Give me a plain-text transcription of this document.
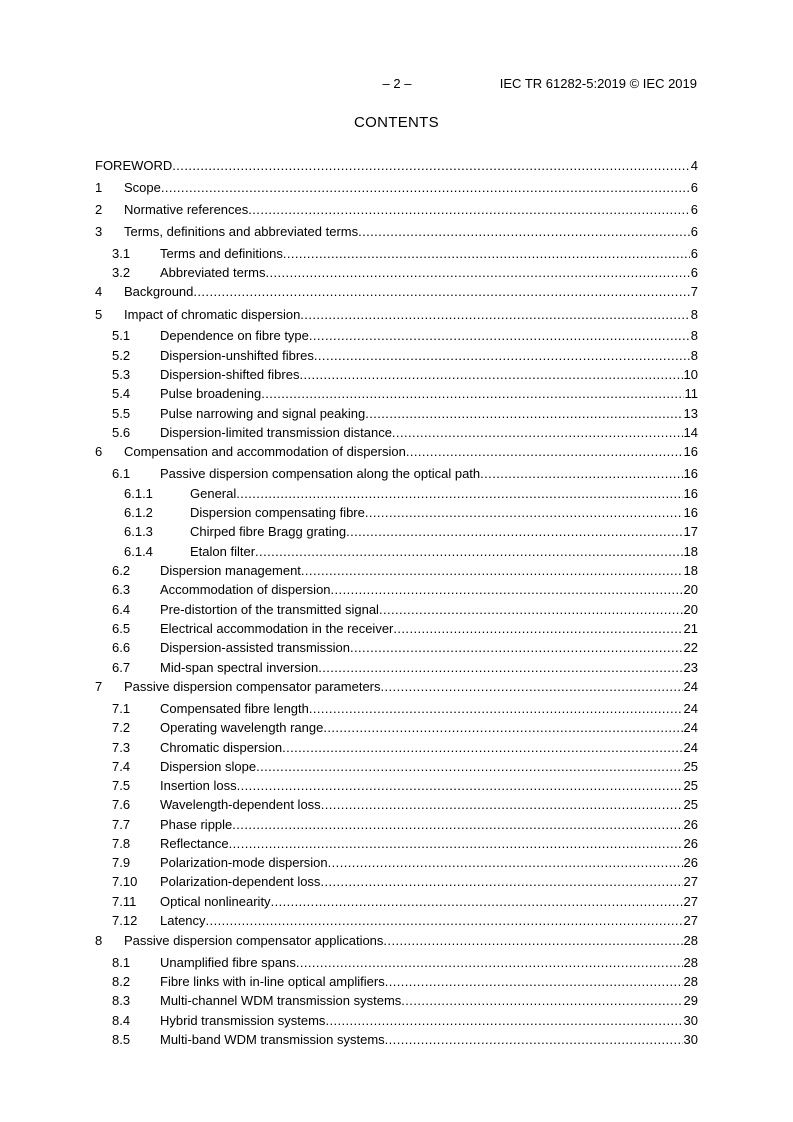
– 2 –	IEC TR 61282-5:2019 © IEC 2019
CONTENTS
FOREWORD .....	4
1 Scope .....	6
2 Normative references .....	6
3 Terms, definitions and abbreviated terms .....	6
3.1 Terms and definitions .....	6
3.2 Abbreviated terms .....	6
4 Background .....	7
5 Impact of chromatic dispersion .....	8
5.1 Dependence on fibre type .....	8
5.2 Dispersion-unshifted fibres .....	8
5.3 Dispersion-shifted fibres .....	10
5.4 Pulse broadening .....	11
5.5 Pulse narrowing and signal peaking .....	13
5.6 Dispersion-limited transmission distance .....	14
6 Compensation and accommodation of dispersion .....	16
6.1 Passive dispersion compensation along the optical path .....	16
6.1.1	General .....	16
6.1.2	Dispersion compensating fibre .....	16
6.1.3	Chirped fibre Bragg grating .....	17
6.1.4	Etalon filter .....	18
6.2 Dispersion management .....	18
6.3 Accommodation of dispersion .....	20
6.4 Pre-distortion of the transmitted signal .....	20
6.5 Electrical accommodation in the receiver .....	21
6.6 Dispersion-assisted transmission .....	22
6.7 Mid-span spectral inversion .....	23
7 Passive dispersion compensator parameters .....	24
7.1 Compensated fibre length .....	24
7.2 Operating wavelength range .....	24
7.3 Chromatic dispersion .....	24
7.4 Dispersion slope .....	25
7.5 Insertion loss .....	25
7.6 Wavelength-dependent loss .....	25
7.7 Phase ripple .....	26
7.8 Reflectance .....	26
7.9 Polarization-mode dispersion .....	26
7.10 Polarization-dependent loss .....	27
7.11 Optical nonlinearity .....	27
7.12 Latency .....	27
8 Passive dispersion compensator applications .....	28
8.1 Unamplified fibre spans .....	28
8.2 Fibre links with in-line optical amplifiers .....	28
8.3 Multi-channel WDM transmission systems .....	29
8.4 Hybrid transmission systems .....	30
8.5 Multi-band WDM transmission systems .....	30
